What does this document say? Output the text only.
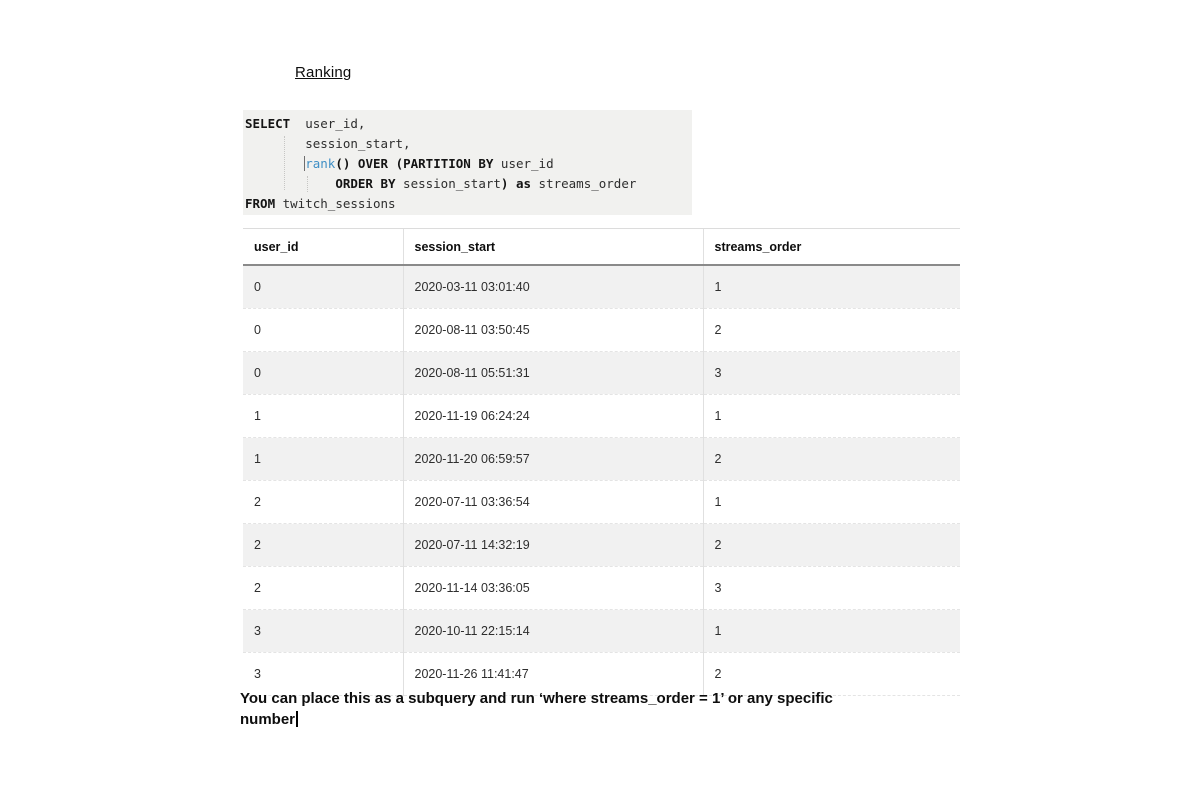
Ranking
SELECT  user_id,
session_start,
rank() OVER (PARTITION BY user_id
ORDER BY session_start) as streams_order
FROM twitch_sessions
user_id	session_start	streams_order
0	2020-03-11 03:01:40	1
0	2020-08-11 03:50:45	2
0	2020-08-11 05:51:31	3
1	2020-11-19 06:24:24	1
1	2020-11-20 06:59:57	2
2	2020-07-11 03:36:54	1
2	2020-07-11 14:32:19	2
2	2020-11-14 03:36:05	3
3	2020-10-11 22:15:14	1
3	2020-11-26 11:41:47	2
You can place this as a subquery and run ‘where streams_order = 1’ or any specific
number
